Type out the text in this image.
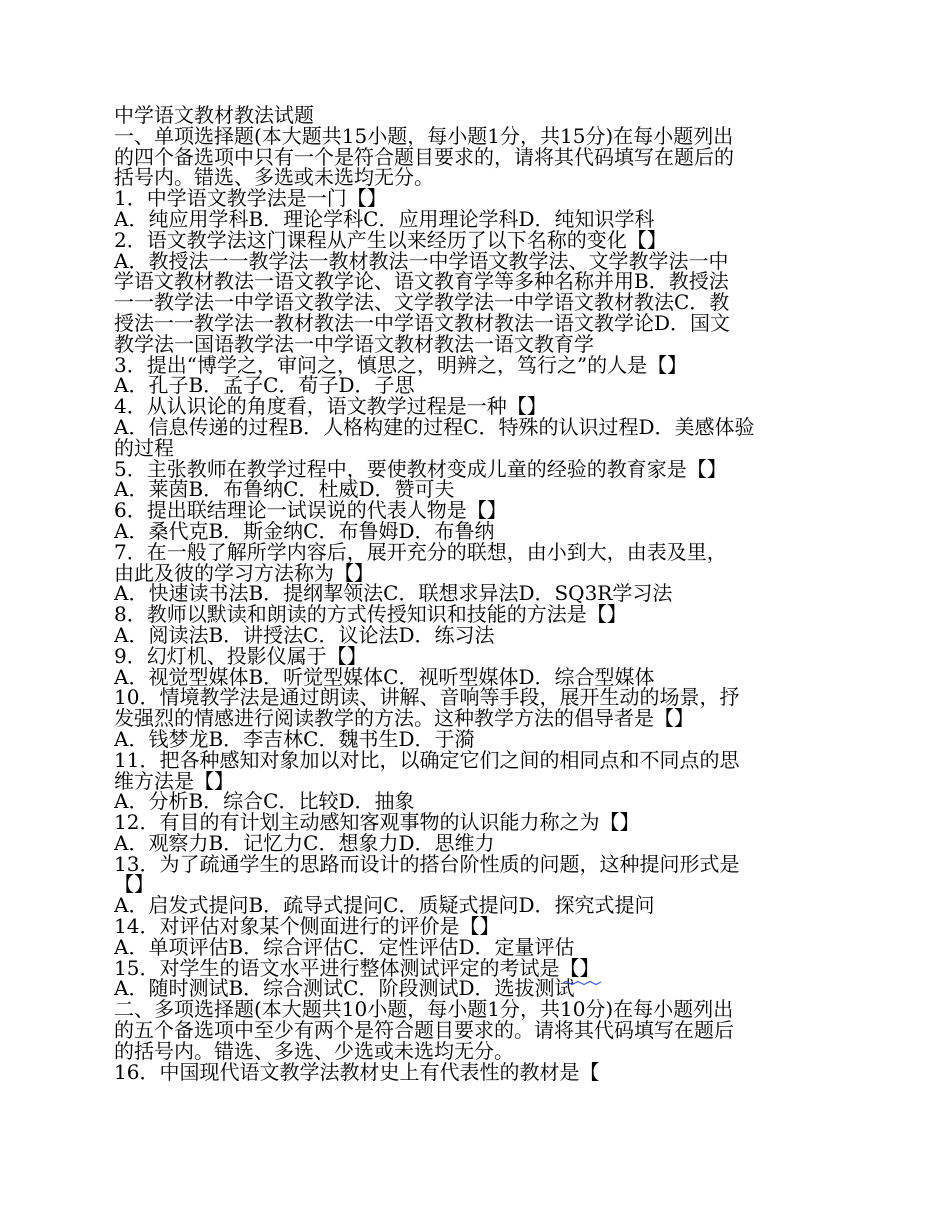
中学语文教材教法试题
一、单项选择题(本大题共15小题，每小题1分，共15分)在每小题列出
的四个备选项中只有一个是符合题目要求的，请将其代码填写在题后的
括号内。错选、多选或未选均无分。
1．中学语文教学法是一门【】
A．纯应用学科B．理论学科C．应用理论学科D．纯知识学科
2．语文教学法这门课程从产生以来经历了以下名称的变化【】
A．教授法一一教学法一教材教法一中学语文教学法、文学教学法一中
学语文教材教法一语文教学论、语文教育学等多种名称并用B．教授法
一一教学法一中学语文教学法、文学教学法一中学语文教材教法C．教
授法一一教学法一教材教法一中学语文教材教法一语文教学论D．国文
教学法一国语教学法一中学语文教材教法一语文教育学
3．提出“博学之，审问之，慎思之，明辨之，笃行之”的人是【】
A．孔子B．孟子C．荀子D．子思
4．从认识论的角度看，语文教学过程是一种【】
A．信息传递的过程B．人格构建的过程C．特殊的认识过程D．美感体验
的过程
5．主张教师在教学过程中，要使教材变成儿童的经验的教育家是【】
A．莱茵B．布鲁纳C．杜威D．赞可夫
6．提出联结理论一试误说的代表人物是【】
A．桑代克B．斯金纳C．布鲁姆D．布鲁纳
7．在一般了解所学内容后，展开充分的联想，由小到大，由表及里，
由此及彼的学习方法称为【】
A．快速读书法B．提纲挈领法C．联想求异法D．SQ3R学习法
8．教师以默读和朗读的方式传授知识和技能的方法是【】
A．阅读法B．讲授法C．议论法D．练习法
9．幻灯机、投影仪属于【】
A．视觉型媒体B．听觉型媒体C．视听型媒体D．综合型媒体
10．情境教学法是通过朗读、讲解、音响等手段，展开生动的场景，抒
发强烈的情感进行阅读教学的方法。这种教学方法的倡导者是【】
A．钱梦龙B．李吉林C．魏书生D．于漪
11．把各种感知对象加以对比，以确定它们之间的相同点和不同点的思
维方法是【】
A．分析B．综合C．比较D．抽象
12．有目的有计划主动感知客观事物的认识能力称之为【】
A．观察力B．记忆力C．想象力D．思维力
13．为了疏通学生的思路而设计的搭台阶性质的问题，这种提问形式是
【】
A．启发式提问B．疏导式提问C．质疑式提问D．探究式提问
14．对评估对象某个侧面进行的评价是【】
A．单项评估B．综合评估C．定性评估D．定量评估
15．对学生的语文水平进行整体测试评定的考试是【】
A．随时测试B．综合测试C．阶段测试D．选拔测试
二、多项选择题(本大题共10小题，每小题1分，共10分)在每小题列出
的五个备选项中至少有两个是符合题目要求的。请将其代码填写在题后
的括号内。错选、多选、少选或未选均无分。
16．中国现代语文教学法教材史上有代表性的教材是【
